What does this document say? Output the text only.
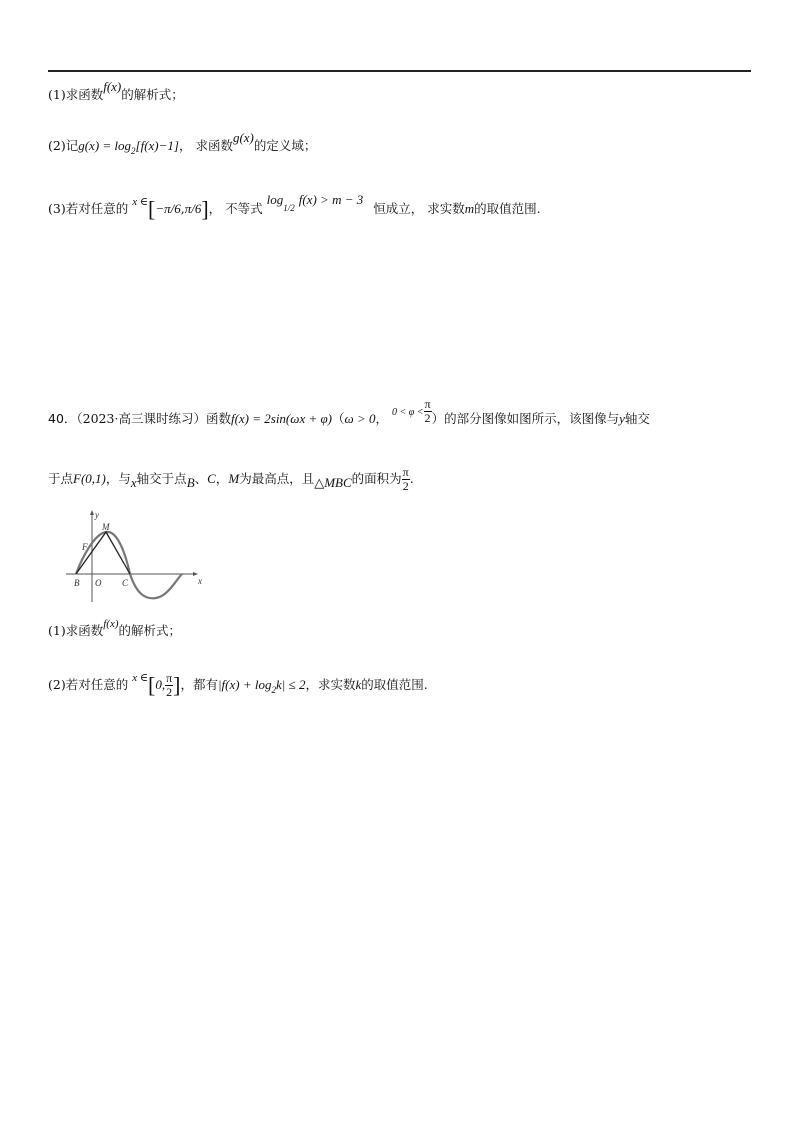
(1)求函数f(x)的解析式；
(2)记$g(x) = \log_2[f(x)-1]$， 求函数g(x)的定义域；
(3)若对任意的 x ∈[−π/6,π/6]， 不等式 log1/2 f(x) > m − 3 恒成立， 求实数m的取值范围.
40．（2023·高三课时练习）函数f(x) = 2sin(ωx + φ)（ω > 0， $^{0 < \varphi <} \frac{\pi}{2}$ ）的部分图像如图所示，该图像与y轴交
于点F(0,1)，与x轴交于点B、C，M为最高点，且△MBC的面积为 $\frac{\pi}{2}$ .
y
x
M
F
B O C
(1)求函数f(x)的解析式；
(2)若对任意的 x ∈[0, $\frac{\pi}{2}$ ]，都有$|f(x) + \log_2k| \le 2$，求实数k的取值范围.
